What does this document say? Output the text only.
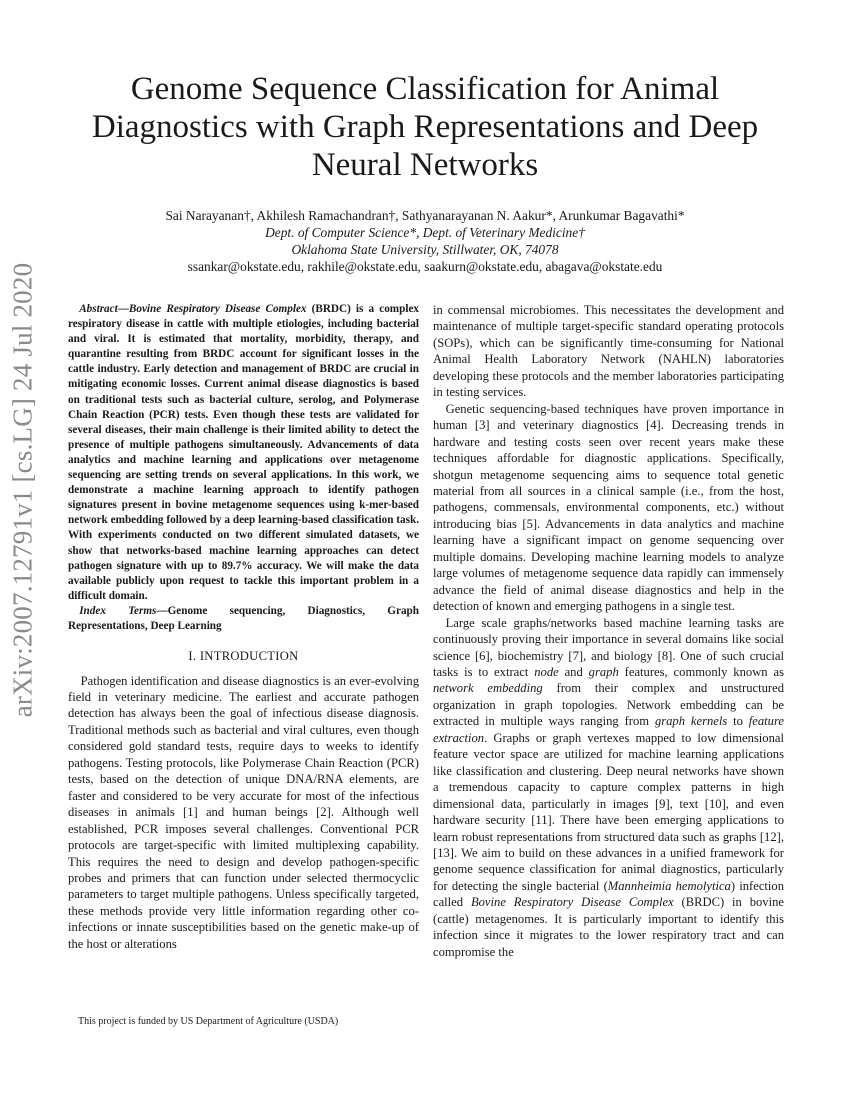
Genome Sequence Classification for Animal
Diagnostics with Graph Representations and Deep
Neural Networks
Sai Narayanan†, Akhilesh Ramachandran†, Sathyanarayanan N. Aakur*, Arunkumar Bagavathi*
Dept. of Computer Science*, Dept. of Veterinary Medicine†
Oklahoma State University, Stillwater, OK, 74078
ssankar@okstate.edu, rakhile@okstate.edu, saakurn@okstate.edu, abagava@okstate.edu
arXiv:2007.12791v1 [cs.LG] 24 Jul 2020	Abstract—Bovine Respiratory Disease Complex (BRDC) is a complex respiratory disease in cattle with multiple etiologies, including bacterial and viral. It is estimated that mortality, morbidity, therapy, and quarantine resulting from BRDC account for significant losses in the cattle industry. Early detection and management of BRDC are crucial in mitigating economic losses. Current animal disease diagnostics is based on traditional tests such as bacterial culture, serolog, and Polymerase Chain Reaction (PCR) tests. Even though these tests are validated for several diseases, their main challenge is their limited ability to detect the presence of multiple pathogens simultaneously. Advancements of data analytics and machine learning and applications over metagenome sequencing are setting trends on several applications. In this work, we demonstrate a machine learning approach to identify pathogen signatures present in bovine metagenome sequences using k-mer-based network embedding followed by a deep learning-based classification task. With experiments conducted on two different simulated datasets, we show that networks-based machine learning approaches can detect pathogen signature with up to 89.7% accuracy. We will make the data available publicly upon request to tackle this important problem in a difficult domain.

Index Terms—Genome sequencing, Diagnostics, Graph Representations, Deep Learning

I. INTRODUCTION

Pathogen identification and disease diagnostics is an ever-evolving field in veterinary medicine. The earliest and accurate pathogen detection has always been the goal of infectious disease diagnosis. Traditional methods such as bacterial and viral cultures, even though considered gold standard tests, require days to weeks to identify pathogens. Testing protocols, like Polymerase Chain Reaction (PCR) tests, based on the detection of unique DNA/RNA elements, are faster and considered to be very accurate for most of the infectious diseases in animals [1] and human beings [2]. Although well established, PCR imposes several challenges. Conventional PCR protocols are target-specific with limited multiplexing capability. This requires the need to design and develop pathogen-specific probes and primers that can function under selected thermocyclic parameters to target multiple pathogens. Unless specifically targeted, these methods provide very little information regarding other co-infections or innate susceptibilities based on the genetic make-up of the host or alterations

This project is funded by US Department of Agriculture (USDA)

in commensal microbiomes. This necessitates the development and maintenance of multiple target-specific standard operating protocols (SOPs), which can be significantly time-consuming for National Animal Health Laboratory Network (NAHLN) laboratories developing these protocols and the member laboratories participating in testing services.

Genetic sequencing-based techniques have proven importance in human [3] and veterinary diagnostics [4]. Decreasing trends in hardware and testing costs seen over recent years make these techniques affordable for diagnostic applications. Specifically, shotgun metagenome sequencing aims to sequence total genetic material from all sources in a clinical sample (i.e., from the host, pathogens, commensals, environmental components, etc.) without introducing bias [5]. Advancements in data analytics and machine learning have a significant impact on genome sequencing over multiple domains. Developing machine learning models to analyze large volumes of metagenome sequence data rapidly can immensely advance the field of animal disease diagnostics and help in the detection of known and emerging pathogens in a single test.

Large scale graphs/networks based machine learning tasks are continuously proving their importance in several domains like social science [6], biochemistry [7], and biology [8]. One of such crucial tasks is to extract node and graph features, commonly known as network embedding from their complex and unstructured organization in graph topologies. Network embedding can be extracted in multiple ways ranging from graph kernels to feature extraction. Graphs or graph vertexes mapped to low dimensional feature vector space are utilized for machine learning applications like classification and clustering. Deep neural networks have shown a tremendous capacity to capture complex patterns in high dimensional data, particularly in images [9], text [10], and even hardware security [11]. There have been emerging applications to learn robust representations from structured data such as graphs [12], [13]. We aim to build on these advances in a unified framework for genome sequence classification for animal diagnostics, particularly for detecting the single bacterial (Mannheimia hemolytica) infection called Bovine Respiratory Disease Complex (BRDC) in bovine (cattle) metagenomes. It is particularly important to identify this infection since it migrates to the lower respiratory tract and can compromise the
